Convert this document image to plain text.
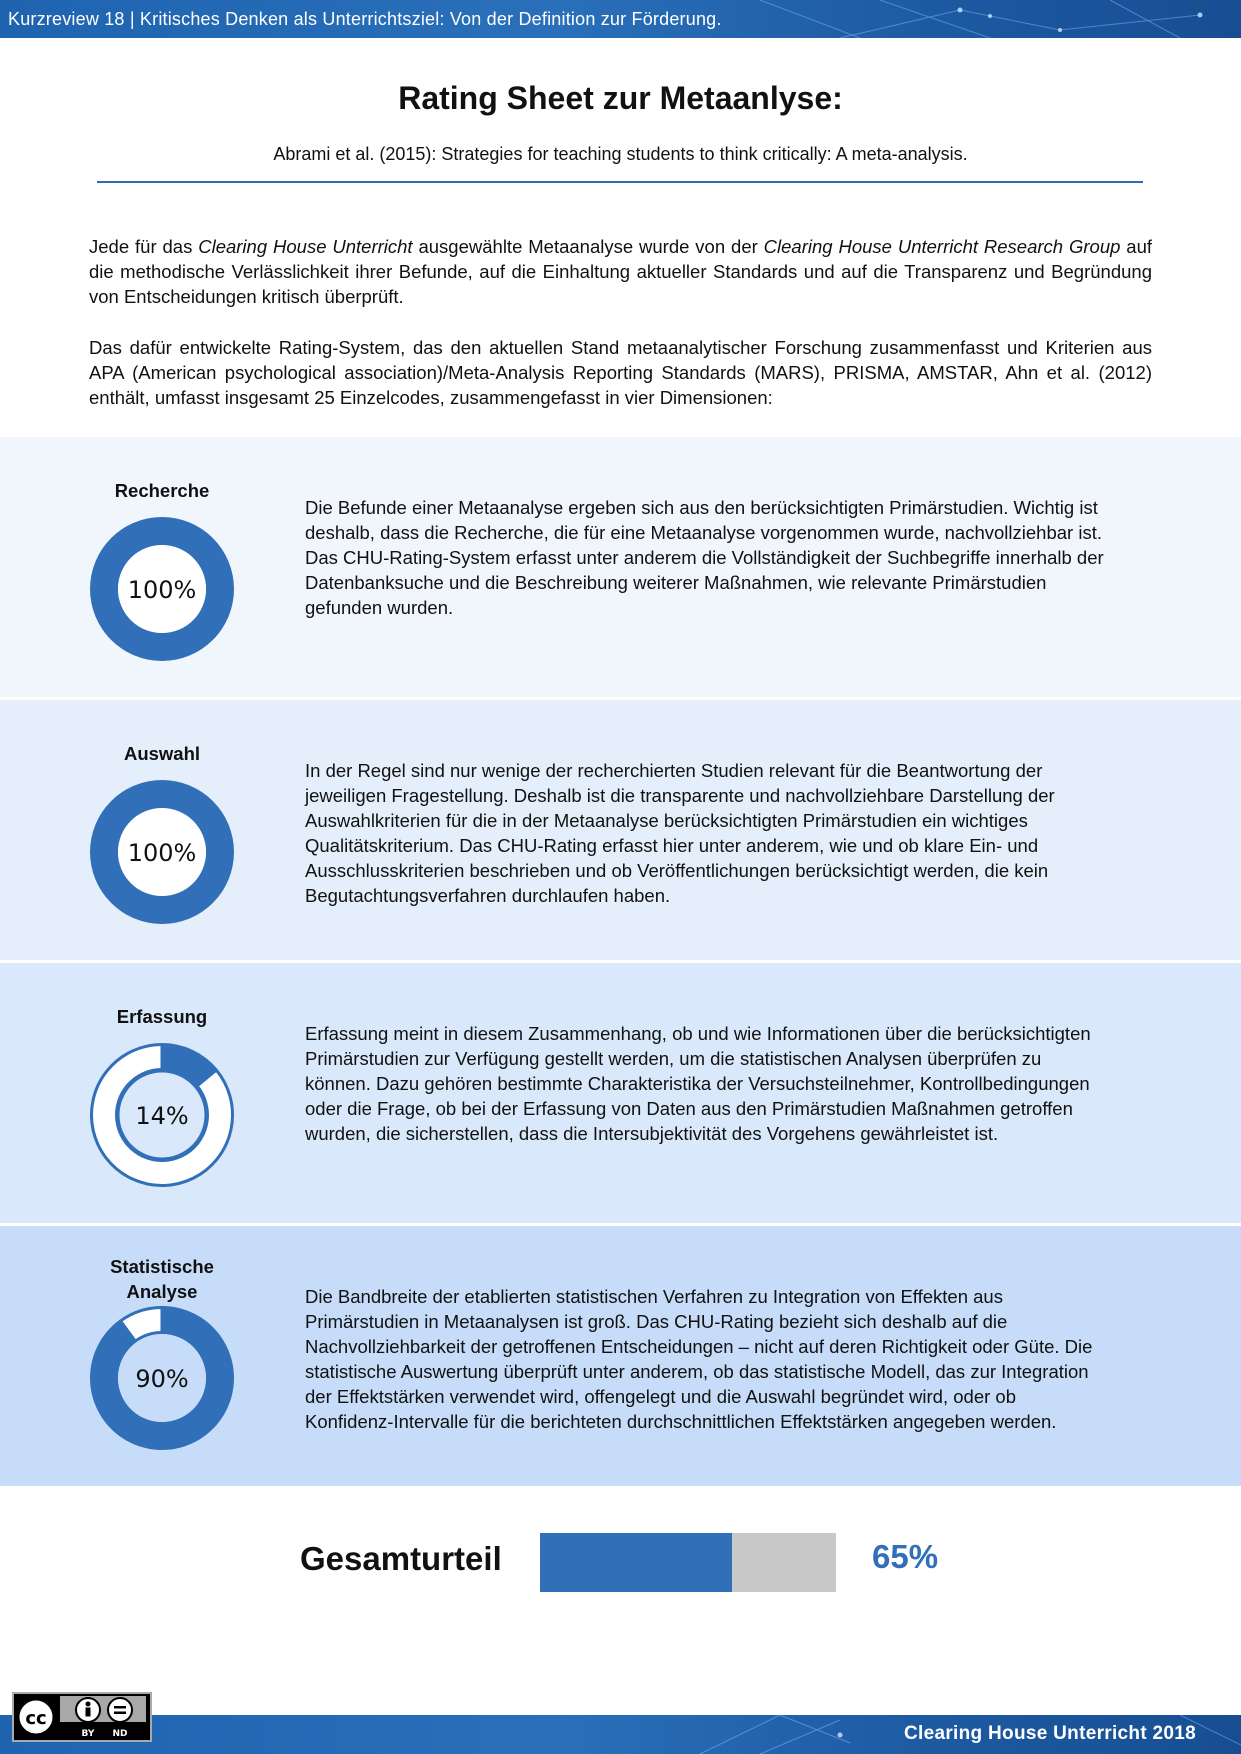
Kurzreview 18 | Kritisches Denken als Unterrichtsziel: Von der Definition zur Förderung.
Rating Sheet zur Metaanlyse:
Abrami et al. (2015): Strategies for teaching students to think critically: A meta-analysis.
Jede für das Clearing House Unterricht ausgewählte Metaanalyse wurde von der Clearing House Unterricht Research Group auf die methodische Verlässlichkeit ihrer Befunde, auf die Einhaltung aktueller Standards und auf die Transparenz und Begründung von Entscheidungen kritisch überprüft.
Das dafür entwickelte Rating-System, das den aktuellen Stand metaanalytischer Forschung zusammenfasst und Kriterien aus APA (American psychological association)/Meta-Analysis Reporting Standards (MARS), PRISMA, AMSTAR, Ahn et al. (2012) enthält, umfasst insgesamt 25 Einzelcodes, zusammengefasst in vier Dimensionen:
Recherche
100%
Die Befunde einer Metaanalyse ergeben sich aus den berücksichtigten Primärstudien. Wichtig ist deshalb, dass die Recherche, die für eine Metaanalyse vorgenommen wurde, nachvollziehbar ist. Das CHU-Rating-System erfasst unter anderem die Vollständigkeit der Suchbegriffe innerhalb der Datenbanksuche und die Beschreibung weiterer Maßnahmen, wie relevante Primärstudien gefunden wurden.
Auswahl
100%
In der Regel sind nur wenige der recherchierten Studien relevant für die Beantwortung der jeweiligen Fragestellung. Deshalb ist die transparente und nachvollziehbare Darstellung der Auswahlkriterien für die in der Metaanalyse berücksichtigten Primärstudien ein wichtiges Qualitätskriterium. Das CHU-Rating erfasst hier unter anderem, wie und ob klare Ein- und Ausschlusskriterien beschrieben und ob Veröffentlichungen berücksichtigt werden, die kein Begutachtungsverfahren durchlaufen haben.
Erfassung
14%
Erfassung meint in diesem Zusammenhang, ob und wie Informationen über die berücksichtigten Primärstudien zur Verfügung gestellt werden, um die statistischen Analysen überprüfen zu können. Dazu gehören bestimmte Charakteristika der Versuchsteilnehmer, Kontrollbedingungen oder die Frage, ob bei der Erfassung von Daten aus den Primärstudien Maßnahmen getroffen wurden, die sicherstellen, dass die Intersubjektivität des Vorgehens gewährleistet ist.
Statistische Analyse
90%
Die Bandbreite der etablierten statistischen Verfahren zu Integration von Effekten aus Primärstudien in Metaanalysen ist groß. Das CHU-Rating bezieht sich deshalb auf die Nachvollziehbarkeit der getroffenen Entscheidungen – nicht auf deren Richtigkeit oder Güte. Die statistische Auswertung überprüft unter anderem, ob das statistische Modell, das zur Integration der Effektstärken verwendet wird, offengelegt und die Auswahl begründet wird, oder ob Konfidenz-Intervalle für die berichteten durchschnittlichen Effektstärken angegeben werden.
Gesamturteil	65%
Clearing House Unterricht 2018
cc
BY ND
